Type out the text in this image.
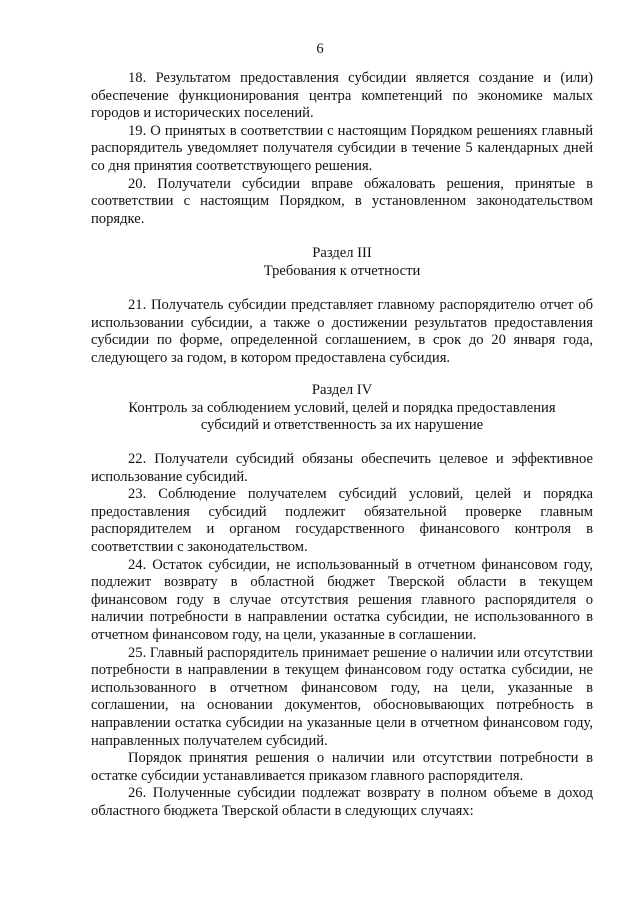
6

18. Результатом предоставления субсидии является создание и (или) обеспечение функционирования центра компетенций по экономике малых городов и исторических поселений.

19. О принятых в соответствии с настоящим Порядком решениях главный распорядитель уведомляет получателя субсидии в течение 5 календарных дней со дня принятия соответствующего решения.

20. Получатели субсидии вправе обжаловать решения, принятые в соответствии с настоящим Порядком, в установленном законодательством порядке.

Раздел III

Требования к отчетности

21. Получатель субсидии представляет главному распорядителю отчет об использовании субсидии, а также о достижении результатов предоставления субсидии по форме, определенной соглашением, в срок до 20 января года, следующего за годом, в котором предоставлена субсидия.

Раздел IV

Контроль за соблюдением условий, целей и порядка предоставления

субсидий и ответственность за их нарушение

22. Получатели субсидий обязаны обеспечить целевое и эффективное использование субсидий.

23. Соблюдение получателем субсидий условий, целей и порядка предоставления субсидий подлежит обязательной проверке главным распорядителем и органом государственного финансового контроля в соответствии с законодательством.

24. Остаток субсидии, не использованный в отчетном финансовом году, подлежит возврату в областной бюджет Тверской области в текущем финансовом году в случае отсутствия решения главного распорядителя о наличии потребности в направлении остатка субсидии, не использованного в отчетном финансовом году, на цели, указанные в соглашении.

25. Главный распорядитель принимает решение о наличии или отсутствии потребности в направлении в текущем финансовом году остатка субсидии, не использованного в отчетном финансовом году, на цели, указанные в соглашении, на основании документов, обосновывающих потребность в направлении остатка субсидии на указанные цели в отчетном финансовом году, направленных получателем субсидий.

Порядок принятия решения о наличии или отсутствии потребности в остатке субсидии устанавливается приказом главного распорядителя.

26. Полученные субсидии подлежат возврату в полном объеме в доход областного бюджета Тверской области в следующих случаях:
